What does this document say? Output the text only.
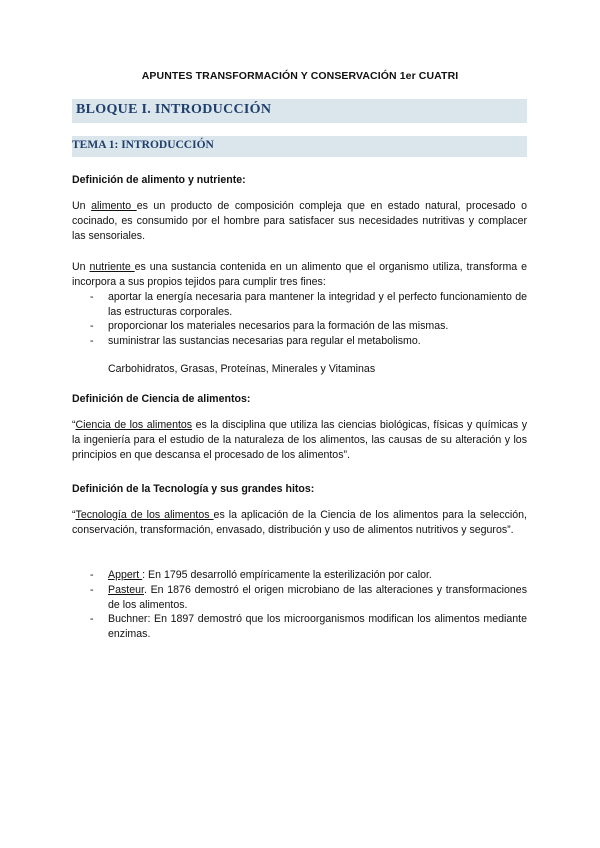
APUNTES TRANSFORMACIÓN Y CONSERVACIÓN 1er CUATRI
BLOQUE I. INTRODUCCIÓN
TEMA 1: INTRODUCCIÓN

Definición de alimento y nutriente:

Un alimento es un producto de composición compleja que en estado natural, procesado o cocinado, es consumido por el hombre para satisfacer sus necesidades nutritivas y complacer las sensoriales.

Un nutriente es una sustancia contenida en un alimento que el organismo utiliza, transforma e incorpora a sus propios tejidos para cumplir tres fines:

- aportar la energía necesaria para mantener la integridad y el perfecto funcionamiento de las estructuras corporales.
- proporcionar los materiales necesarios para la formación de las mismas.
- suministrar las sustancias necesarias para regular el metabolismo.

Carbohidratos, Grasas, Proteínas, Minerales y Vitaminas

Definición de Ciencia de alimentos:

“Ciencia de los alimentos es la disciplina que utiliza las ciencias biológicas, físicas y químicas y la ingeniería para el estudio de la naturaleza de los alimentos, las causas de su alteración y los principios en que descansa el procesado de los alimentos”.

Definición de la Tecnología y sus grandes hitos:

“Tecnología de los alimentos es la aplicación de la Ciencia de los alimentos para la selección, conservación, transformación, envasado, distribución y uso de alimentos nutritivos y seguros”.

- Appert : En 1795 desarrolló empíricamente la esterilización por calor.
- Pasteur. En 1876 demostró el origen microbiano de las alteraciones y transformaciones de los alimentos.
- Buchner: En 1897 demostró que los microorganismos modifican los alimentos mediante enzimas.
